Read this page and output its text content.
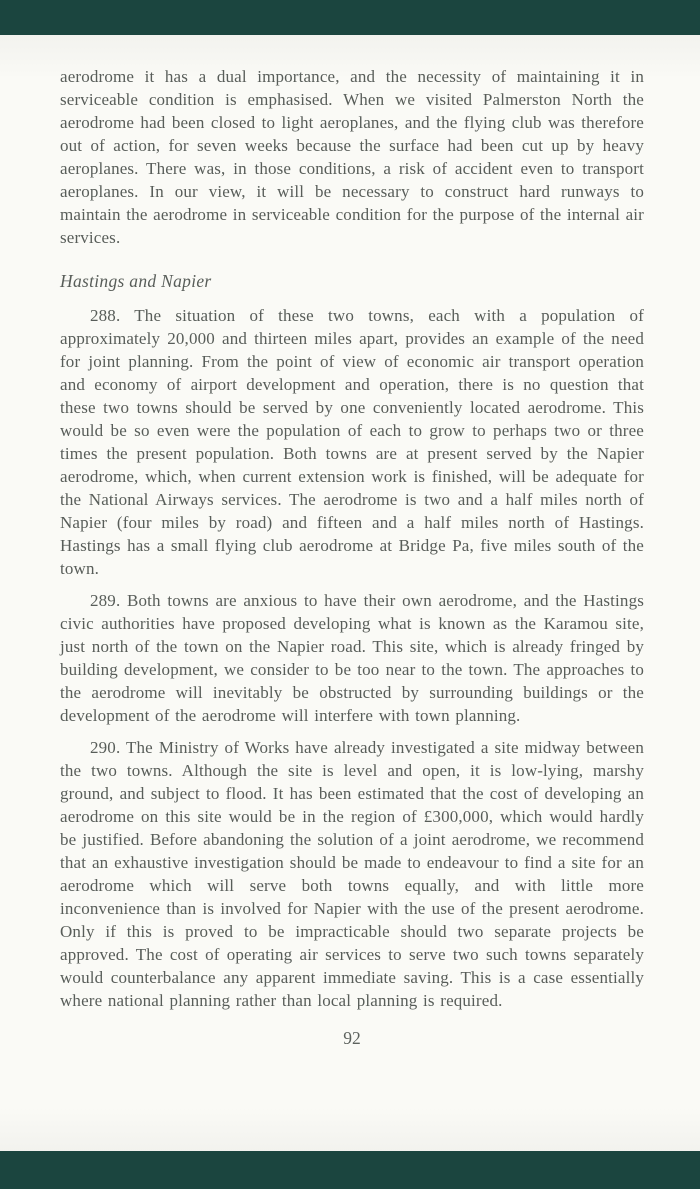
aerodrome it has a dual importance, and the necessity of maintaining it in serviceable condition is emphasised. When we visited Palmerston North the aerodrome had been closed to light aeroplanes, and the flying club was therefore out of action, for seven weeks because the surface had been cut up by heavy aeroplanes. There was, in those conditions, a risk of accident even to transport aeroplanes. In our view, it will be necessary to construct hard runways to maintain the aerodrome in serviceable condition for the purpose of the internal air services.

Hastings and Napier

288. The situation of these two towns, each with a population of approximately 20,000 and thirteen miles apart, provides an example of the need for joint planning. From the point of view of economic air transport operation and economy of airport development and operation, there is no question that these two towns should be served by one conveniently located aerodrome. This would be so even were the population of each to grow to perhaps two or three times the present population. Both towns are at present served by the Napier aerodrome, which, when current extension work is finished, will be adequate for the National Airways services. The aerodrome is two and a half miles north of Napier (four miles by road) and fifteen and a half miles north of Hastings. Hastings has a small flying club aerodrome at Bridge Pa, five miles south of the town.

289. Both towns are anxious to have their own aerodrome, and the Hastings civic authorities have proposed developing what is known as the Karamou site, just north of the town on the Napier road. This site, which is already fringed by building development, we consider to be too near to the town. The approaches to the aerodrome will inevitably be obstructed by surrounding buildings or the development of the aerodrome will interfere with town planning.

290. The Ministry of Works have already investigated a site midway between the two towns. Although the site is level and open, it is low-lying, marshy ground, and subject to flood. It has been estimated that the cost of developing an aerodrome on this site would be in the region of £300,000, which would hardly be justified. Before abandoning the solution of a joint aerodrome, we recommend that an exhaustive investigation should be made to endeavour to find a site for an aerodrome which will serve both towns equally, and with little more inconvenience than is involved for Napier with the use of the present aerodrome. Only if this is proved to be impracticable should two separate projects be approved. The cost of operating air services to serve two such towns separately would counterbalance any apparent immediate saving. This is a case essentially where national planning rather than local planning is required.

92
